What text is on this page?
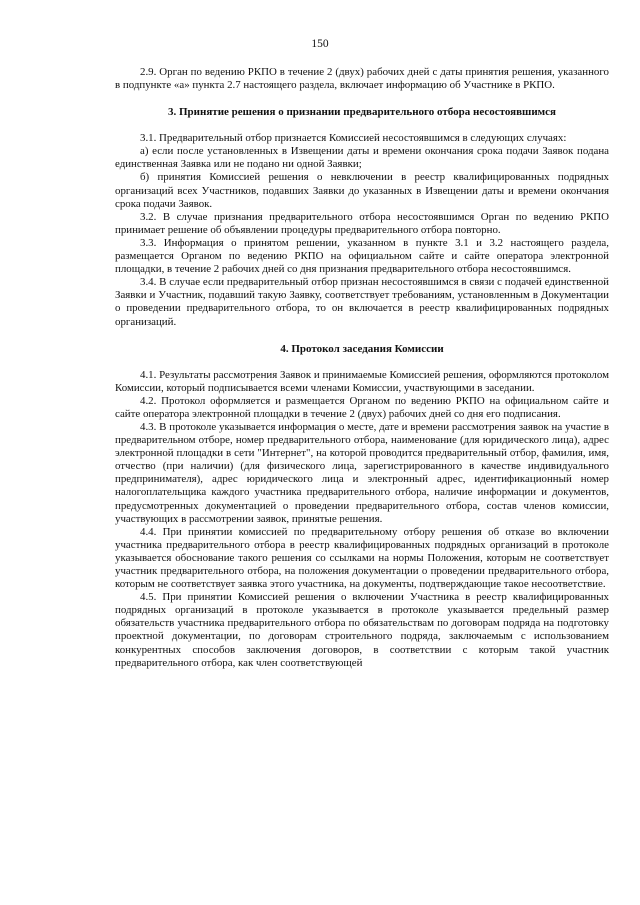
150

2.9. Орган по ведению РКПО в течение 2 (двух) рабочих дней с даты принятия решения, указанного в подпункте «а» пункта 2.7 настоящего раздела, включает информацию об Участнике в РКПО.

3. Принятие решения о признании предварительного отбора несостоявшимся

3.1. Предварительный отбор признается Комиссией несостоявшимся в следующих случаях:

а) если после установленных в Извещении даты и времени окончания срока подачи Заявок подана единственная Заявка или не подано ни одной Заявки;

б) принятия Комиссией решения о невключении в реестр квалифицированных подрядных организаций всех Участников, подавших Заявки до указанных в Извещении даты и времени окончания срока подачи Заявок.

3.2. В случае признания предварительного отбора несостоявшимся Орган по ведению РКПО принимает решение об объявлении процедуры предварительного отбора повторно.

3.3. Информация о принятом решении, указанном в пункте 3.1 и 3.2 настоящего раздела, размещается Органом по ведению РКПО на официальном сайте и сайте оператора электронной площадки, в течение 2 рабочих дней со дня признания предварительного отбора несостоявшимся.

3.4. В случае если предварительный отбор признан несостоявшимся в связи с подачей единственной Заявки и Участник, подавший такую Заявку, соответствует требованиям, установленным в Документации о проведении предварительного отбора, то он включается в реестр квалифицированных подрядных организаций.

4. Протокол заседания Комиссии

4.1. Результаты рассмотрения Заявок и принимаемые Комиссией решения, оформляются протоколом Комиссии, который подписывается всеми членами Комиссии, участвующими в заседании.

4.2. Протокол оформляется и размещается Органом по ведению РКПО на официальном сайте и сайте оператора электронной площадки в течение 2 (двух) рабочих дней со дня его подписания.

4.3. В протоколе указывается информация о месте, дате и времени рассмотрения заявок на участие в предварительном отборе, номер предварительного отбора, наименование (для юридического лица), адрес электронной площадки в сети "Интернет", на которой проводится предварительный отбор, фамилия, имя, отчество (при наличии) (для физического лица, зарегистрированного в качестве индивидуального предпринимателя), адрес юридического лица и электронный адрес, идентификационный номер налогоплательщика каждого участника предварительного отбора, наличие информации и документов, предусмотренных документацией о проведении предварительного отбора, состав членов комиссии, участвующих в рассмотрении заявок, принятые решения.

4.4. При принятии комиссией по предварительному отбору решения об отказе во включении участника предварительного отбора в реестр квалифицированных подрядных организаций в протоколе указывается обоснование такого решения со ссылками на нормы Положения, которым не соответствует участник предварительного отбора, на положения документации о проведении предварительного отбора, которым не соответствует заявка этого участника, на документы, подтверждающие такое несоответствие.

4.5. При принятии Комиссией решения о включении Участника в реестр квалифицированных подрядных организаций в протоколе указывается в протоколе указывается предельный размер обязательств участника предварительного отбора по обязательствам по договорам подряда на подготовку проектной документации, по договорам строительного подряда, заключаемым с использованием конкурентных способов заключения договоров, в соответствии с которым такой участник предварительного отбора, как член соответствующей
